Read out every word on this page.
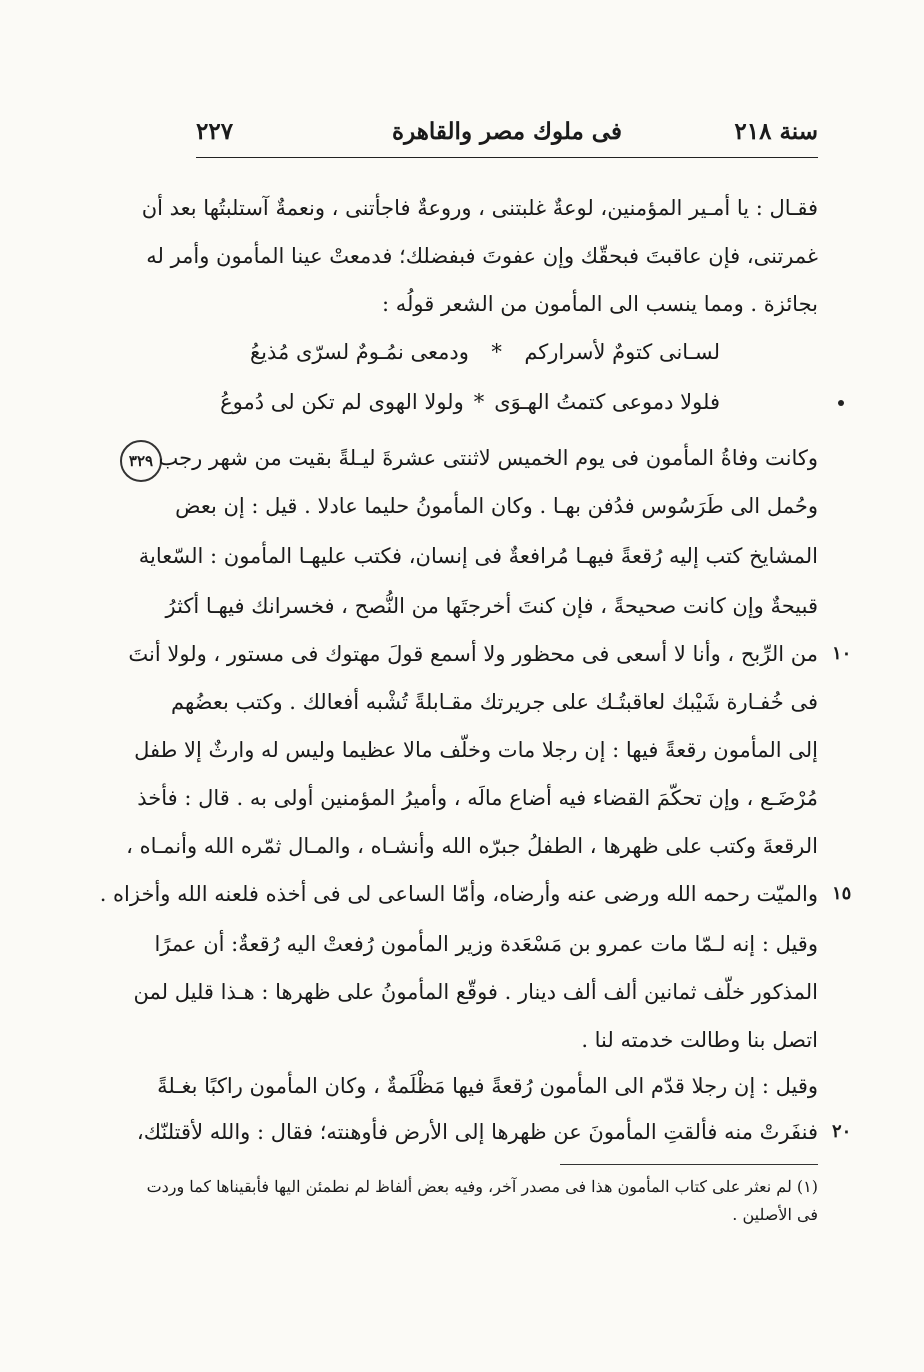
سنة ٢١٨
فى ملوك مصر والقاهرة
٢٢٧
فقـال : يا أمـير المؤمنين، لوعةٌ غلبتنى ، وروعةٌ فاجأتنى ، ونعمةٌ آستلبتُها بعد أن
غمرتنى، فإن عاقبتَ فبحقّك وإن عفوتَ فبفضلك؛ فدمعتْ عينا المأمون وأمر له
بجائزة . ومما ينسب الى المأمون من الشعر قولُه :
لسـانى كتومٌ لأسراركم
*
ودمعى نمُـومٌ لسرّى مُذيعُ
فلولا دموعى كتمتُ الهـوَى
*
ولولا الهوى لم تكن لى دُموعُ
٣٢٩ وكانت وفاةُ المأمون فى يوم الخميس لاثنتى عشرةَ ليـلةً بقيت من شهر رجب
وحُمل الى طَرَسُوس فدُفن بهـا . وكان المأمونُ حليما عادلا . قيل : إن بعض
المشايخ كتب إليه رُقعةً فيهـا مُرافعةٌ فى إنسان، فكتب عليهـا المأمون : السّعاية
قبيحةٌ وإن كانت صحيحةً ، فإن كنتَ أخرجتَها من النُّصح ، فخسرانك فيهـا أكثرُ
من الرِّبح ، وأنا لا أسعى فى محظور ولا أسمع قولَ مهتوك فى مستور ، ولولا أنتَ ١٠
فى خُفـارة شَيْبك لعاقبتُـك على جريرتك مقـابلةً تُشْبه أفعالك . وكتب بعضُهم
إلى المأمون رقعةً فيها : إن رجلا مات وخلّف مالا عظيما وليس له وارثٌ إلا طفل
مُرْضَـع ، وإن تحكّمَ القضاء فيه أضاع مالَه ، وأميرُ المؤمنين أولى به . قال : فأخذ
الرقعةَ وكتب على ظهرها ، الطفلُ جبرّه الله وأنشـاه ، والمـال ثمّره الله وأنمـاه ،
والميّت رحمه الله ورضى عنه وأرضاه، وأمّا الساعى لى فى أخذه فلعنه الله وأخزاه . ١٥
وقيل : إنه لـمّا مات عمرو بن مَسْعَدة وزير المأمون رُفعتْ اليه رُقعةٌ: أن عمرًا
المذكور خلّف ثمانين ألف ألف دينار . فوقّع المأمونُ على ظهرها : هـذا قليل لمن
اتصل بنا وطالت خدمته لنا .
وقيل : إن رجلا قدّم الى المأمون رُقعةً فيها مَظْلَمةٌ ، وكان المأمون راكبًا بغـلةً
فنفَرتْ منه فألقتِ المأمونَ عن ظهرها إلى الأرض فأوهنته؛ فقال : والله لأقتلنّك، ٢٠
(١) لم نعثر على كتاب المأمون هذا فى مصدر آخر، وفيه بعض ألفاظ لم نطمئن اليها فأبقيناها كما وردت
فى الأصلين .
